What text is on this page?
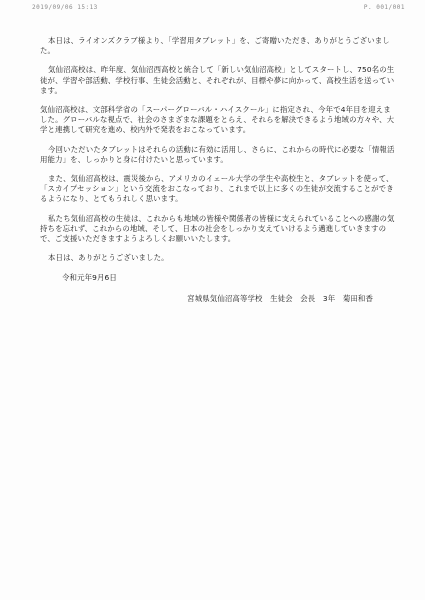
2019/09/06 15:13	P. 001/001

本日は、ライオンズクラブ様より、「学習用タブレット」を、ご寄贈いただき、ありがとうございました。

気仙沼高校は、昨年度、気仙沼西高校と統合して「新しい気仙沼高校」としてスタートし、750名の生徒が、学習や部活動、学校行事、生徒会活動と、それぞれが、目標や夢に向かって、高校生活を送っています。

気仙沼高校は、文部科学省の「スーパーグローバル・ハイスクール」に指定され、今年で4年目を迎えました。グローバルな視点で、社会のさまざまな課題をとらえ、それらを解決できるよう地域の方々や、大学と連携して研究を進め、校内外で発表をおこなっています。

今回いただいたタブレットはそれらの活動に有効に活用し、さらに、これからの時代に必要な「情報活用能力」を、しっかりと身に付けたいと思っています。

また、気仙沼高校は、震災後から、アメリカのイェール大学の学生や高校生と、タブレットを使って、「スカイプセッション」という交流をおこなっており、これまで以上に多くの生徒が交流することができるようになり、とてもうれしく思います。

私たち気仙沼高校の生徒は、これからも地域の皆様や関係者の皆様に支えられていることへの感謝の気持ちを忘れず、これからの地域、そして、日本の社会をしっかり支えていけるよう邁進していきますので、ご支援いただきますようよろしくお願いいたします。

本日は、ありがとうございました。

令和元年9月6日

宮城県気仙沼高等学校　生徒会　会長　3年　菊田和香
